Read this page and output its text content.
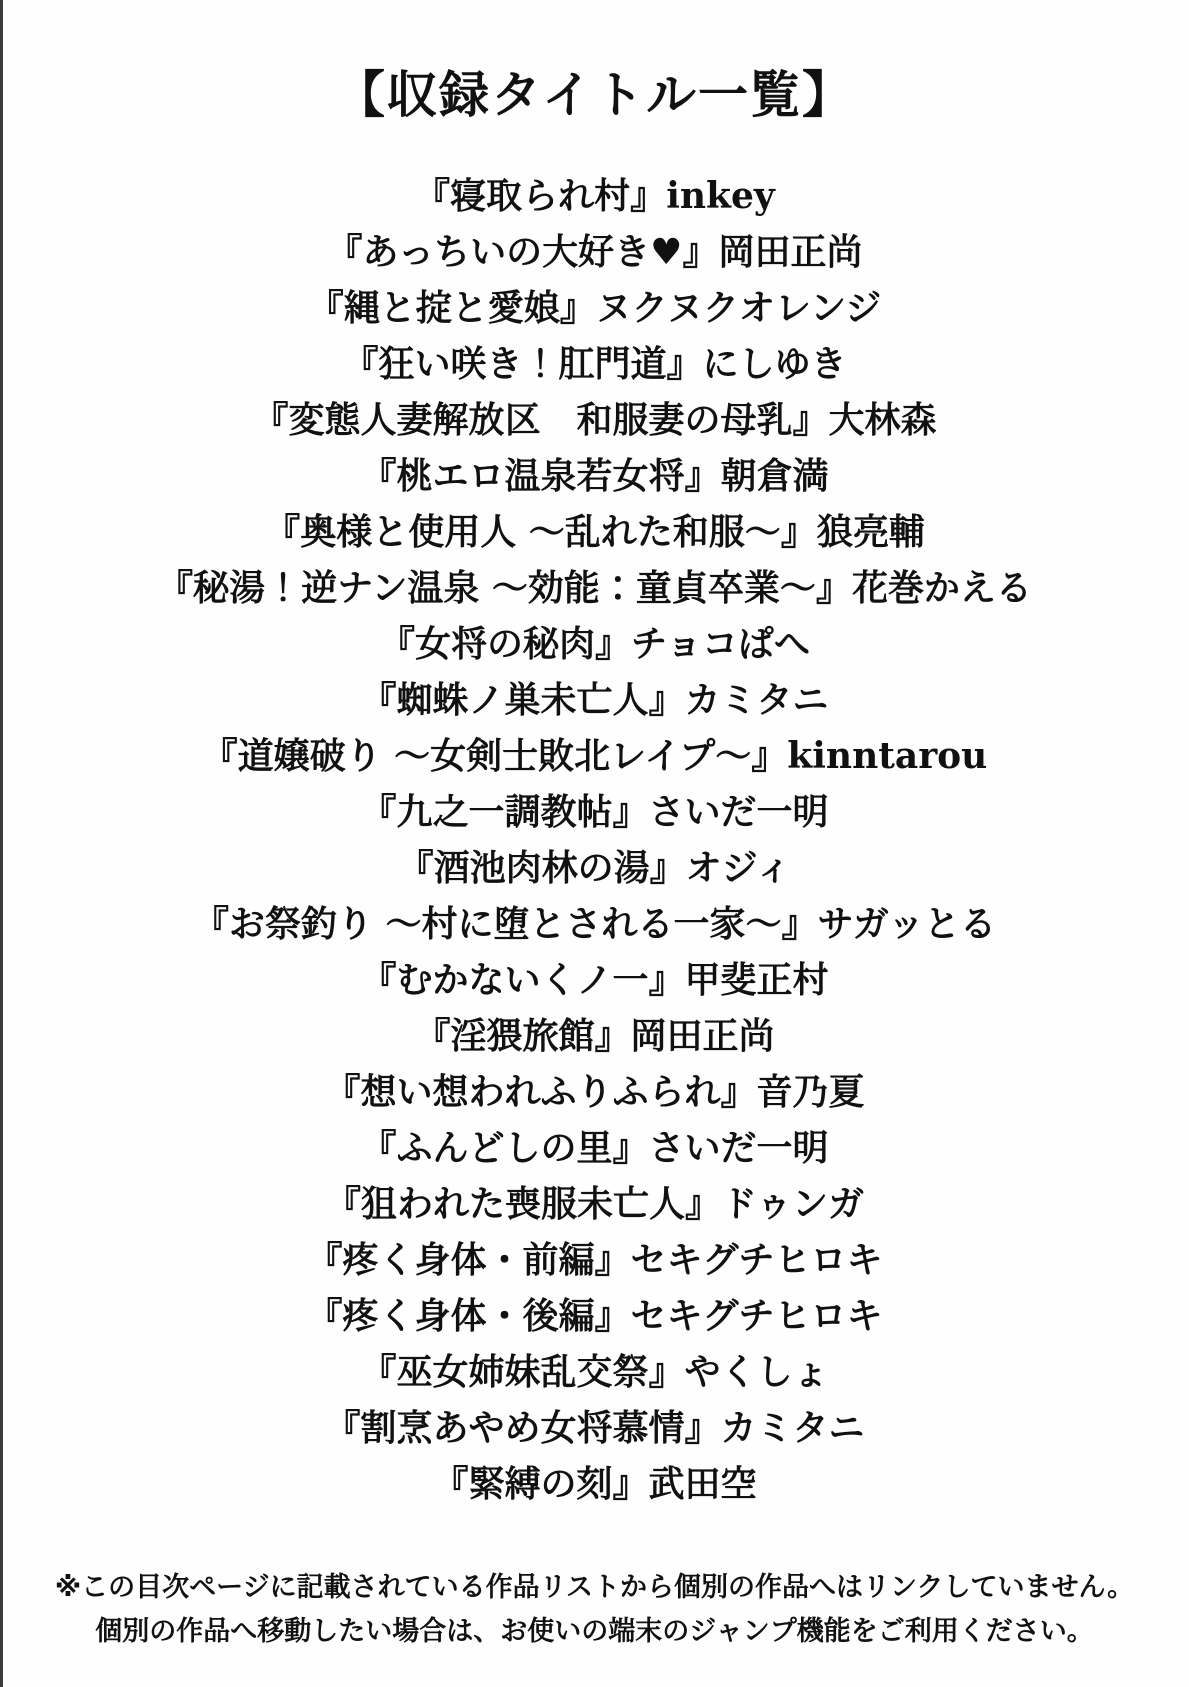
【収録タイトル一覧】
『寝取られ村』inkey
『あっちいの大好き♥』岡田正尚
『縄と掟と愛娘』ヌクヌクオレンジ
『狂い咲き！肛門道』にしゆき
『変態人妻解放区　和服妻の母乳』大林森
『桃エロ温泉若女将』朝倉満
『奥様と使用人 ～乱れた和服～』狼亮輔
『秘湯！逆ナン温泉 ～効能：童貞卒業～』花巻かえる
『女将の秘肉』チョコぱへ
『蜘蛛ノ巣未亡人』カミタニ
『道嬢破り ～女剣士敗北レイプ～』kinntarou
『九之一調教帖』さいだ一明
『酒池肉林の湯』オジィ
『お祭釣り ～村に堕とされる一家～』サガッとる
『むかないくノ一』甲斐正村
『淫猥旅館』岡田正尚
『想い想われふりふられ』音乃夏
『ふんどしの里』さいだ一明
『狙われた喪服未亡人』ドゥンガ
『疼く身体・前編』セキグチヒロキ
『疼く身体・後編』セキグチヒロキ
『巫女姉妹乱交祭』やくしょ
『割烹あやめ女将慕情』カミタニ
『緊縛の刻』武田空
※この目次ページに記載されている作品リストから個別の作品へはリンクしていません。
個別の作品へ移動したい場合は、お使いの端末のジャンプ機能をご利用ください。
